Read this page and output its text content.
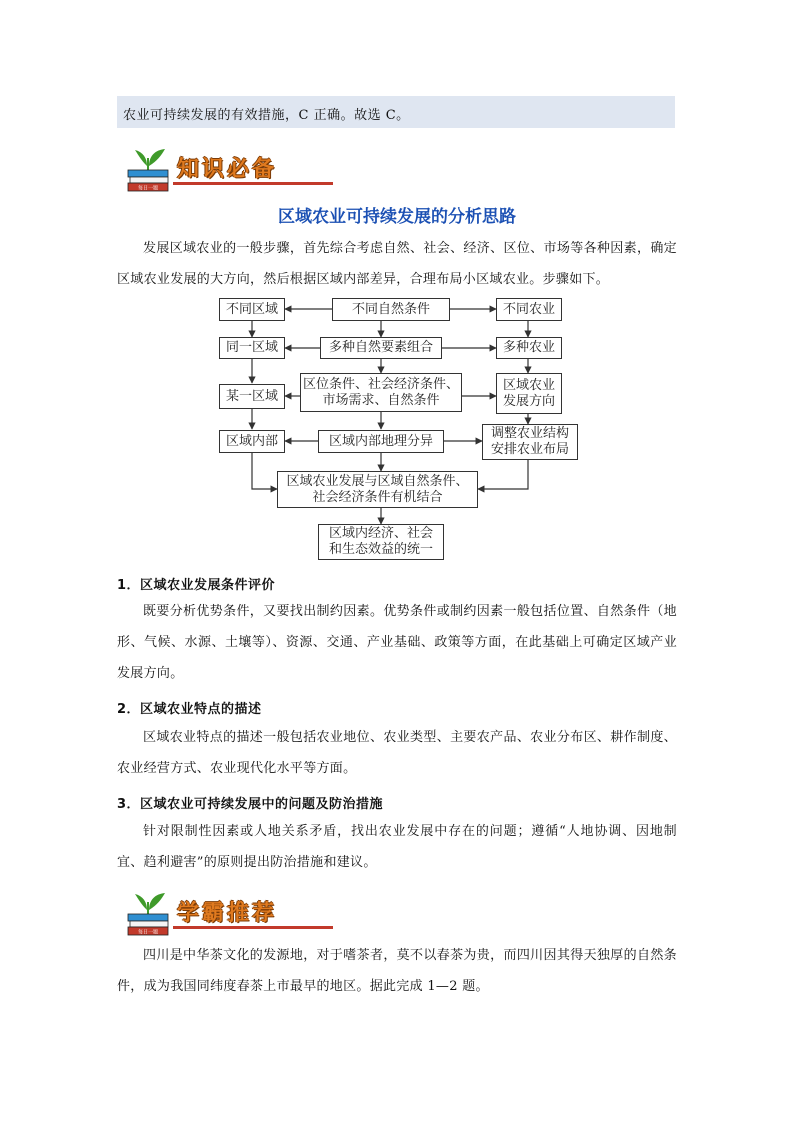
农业可持续发展的有效措施，C 正确。故选 C。
每日一题
知识必备
区域农业可持续发展的分析思路
发展区域农业的一般步骤，首先综合考虑自然、社会、经济、区位、市场等各种因素，确定区域农业发展的大方向，然后根据区域内部差异，合理布局小区域农业。步骤如下。
不同区域	不同自然条件	不同农业
同一区域	多种自然要素组合	多种农业
某一区域
区位条件、社会经济条件、
市场需求、自然条件
区域农业
发展方向
区域内部	区域内部地理分异	调整农业结构
安排农业布局
区域农业发展与区域自然条件、
社会经济条件有机结合
区域内经济、社会
和生态效益的统一
1．区域农业发展条件评价
既要分析优势条件，又要找出制约因素。优势条件或制约因素一般包括位置、自然条件（地形、气候、水源、土壤等）、资源、交通、产业基础、政策等方面，在此基础上可确定区域产业发展方向。
2．区域农业特点的描述
区域农业特点的描述一般包括农业地位、农业类型、主要农产品、农业分布区、耕作制度、农业经营方式、农业现代化水平等方面。
3．区域农业可持续发展中的问题及防治措施
针对限制性因素或人地关系矛盾，找出农业发展中存在的问题；遵循“人地协调、因地制宜、趋利避害”的原则提出防治措施和建议。
每日一题
学霸推荐
四川是中华茶文化的发源地，对于嗜茶者，莫不以春茶为贵，而四川因其得天独厚的自然条件，成为我国同纬度春茶上市最早的地区。据此完成 1—2 题。
